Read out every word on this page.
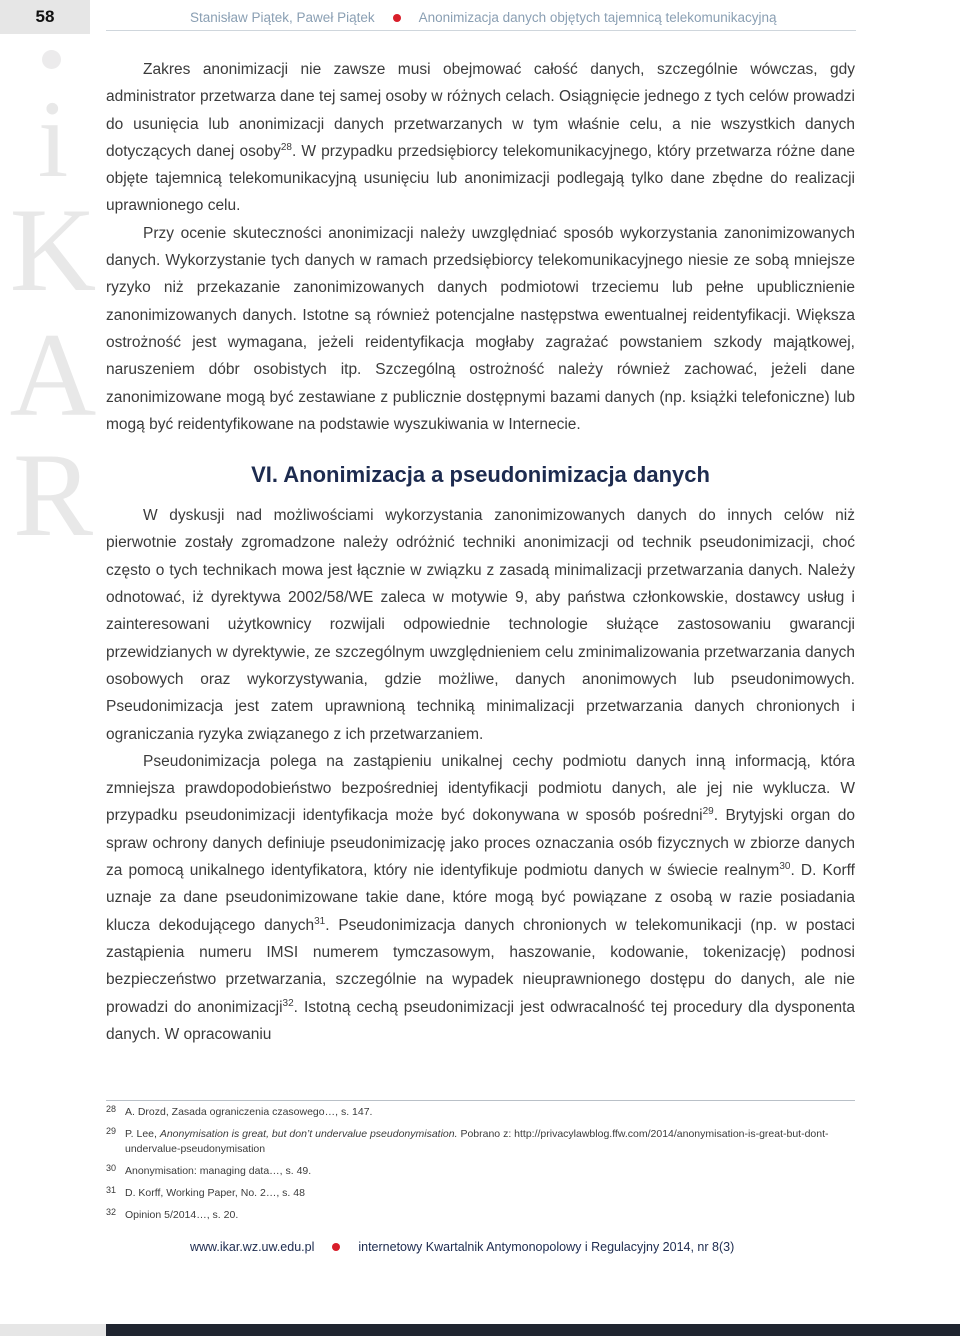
58	Stanisław Piątek, Paweł Piątek	Anonimizacja danych objętych tajemnicą telekomunikacyjną
i
K
A
R

Zakres anonimizacji nie zawsze musi obejmować całość danych, szczególnie wówczas, gdy administrator przetwarza dane tej samej osoby w różnych celach. Osiągnięcie jednego z tych celów prowadzi do usunięcia lub anonimizacji danych przetwarzanych w tym właśnie celu, a nie wszystkich danych dotyczących danej osoby$^{28}$. W przypadku przedsiębiorcy telekomunikacyjnego, który przetwarza różne dane objęte tajemnicą telekomunikacyjną usunięciu lub anonimizacji podlegają tylko dane zbędne do realizacji uprawnionego celu.

Przy ocenie skuteczności anonimizacji należy uwzględniać sposób wykorzystania zanonimizowanych danych. Wykorzystanie tych danych w ramach przedsiębiorcy telekomunikacyjnego niesie ze sobą mniejsze ryzyko niż przekazanie zanonimizowanych danych podmiotowi trzeciemu lub pełne upublicznienie zanonimizowanych danych. Istotne są również potencjalne następstwa ewentualnej reidentyfikacji. Większa ostrożność jest wymagana, jeżeli reidentyfikacja mogłaby zagrażać powstaniem szkody majątkowej, naruszeniem dóbr osobistych itp. Szczególną ostrożność należy również zachować, jeżeli dane zanonimizowane mogą być zestawiane z publicznie dostępnymi bazami danych (np. książki telefoniczne) lub mogą być reidentyfikowane na podstawie wyszukiwania w Internecie.

VI. Anonimizacja a pseudonimizacja danych

W dyskusji nad możliwościami wykorzystania zanonimizowanych danych do innych celów niż pierwotnie zostały zgromadzone należy odróżnić techniki anonimizacji od technik pseudonimizacji, choć często o tych technikach mowa jest łącznie w związku z zasadą minimalizacji przetwarzania danych. Należy odnotować, iż dyrektywa 2002/58/WE zaleca w motywie 9, aby państwa członkowskie, dostawcy usług i zainteresowani użytkownicy rozwijali odpowiednie technologie służące zastosowaniu gwarancji przewidzianych w dyrektywie, ze szczególnym uwzględnieniem celu zminimalizowania przetwarzania danych osobowych oraz wykorzystywania, gdzie możliwe, danych anonimowych lub pseudonimowych. Pseudonimizacja jest zatem uprawnioną techniką minimalizacji przetwarzania danych chronionych i ograniczania ryzyka związanego z ich przetwarzaniem.

Pseudonimizacja polega na zastąpieniu unikalnej cechy podmiotu danych inną informacją, która zmniejsza prawdopodobieństwo bezpośredniej identyfikacji podmiotu danych, ale jej nie wyklucza. W przypadku pseudonimizacji identyfikacja może być dokonywana w sposób pośredni$^{29}$. Brytyjski organ do spraw ochrony danych definiuje pseudonimizację jako proces oznaczania osób fizycznych w zbiorze danych za pomocą unikalnego identyfikatora, który nie identyfikuje podmiotu danych w świecie realnym$^{30}$. D. Korff uznaje za dane pseudonimizowane takie dane, które mogą być powiązane z osobą w razie posiadania klucza dekodującego danych$^{31}$. Pseudonimizacja danych chronionych w telekomunikacji (np. w postaci zastąpienia numeru IMSI numerem tymczasowym, haszowanie, kodowanie, tokenizację) podnosi bezpieczeństwo przetwarzania, szczególnie na wypadek nieuprawnionego dostępu do danych, ale nie prowadzi do anonimizacji$^{32}$. Istotną cechą pseudonimizacji jest odwracalność tej procedury dla dysponenta danych. W opracowaniu

28 A. Drozd, Zasada ograniczenia czasowego…, s. 147.
29 P. Lee, Anonymisation is great, but don’t undervalue pseudonymisation. Pobrano z: http://privacylawblog.ffw.com/2014/anonymisation-is-great-but-dont-undervalue-pseudonymisation
30 Anonymisation: managing data…, s. 49.
31 D. Korff, Working Paper, No. 2…, s. 48
32 Opinion 5/2014…, s. 20.
www.ikar.wz.uw.edu.pl	internetowy Kwartalnik Antymonopolowy i Regulacyjny 2014, nr 8(3)
